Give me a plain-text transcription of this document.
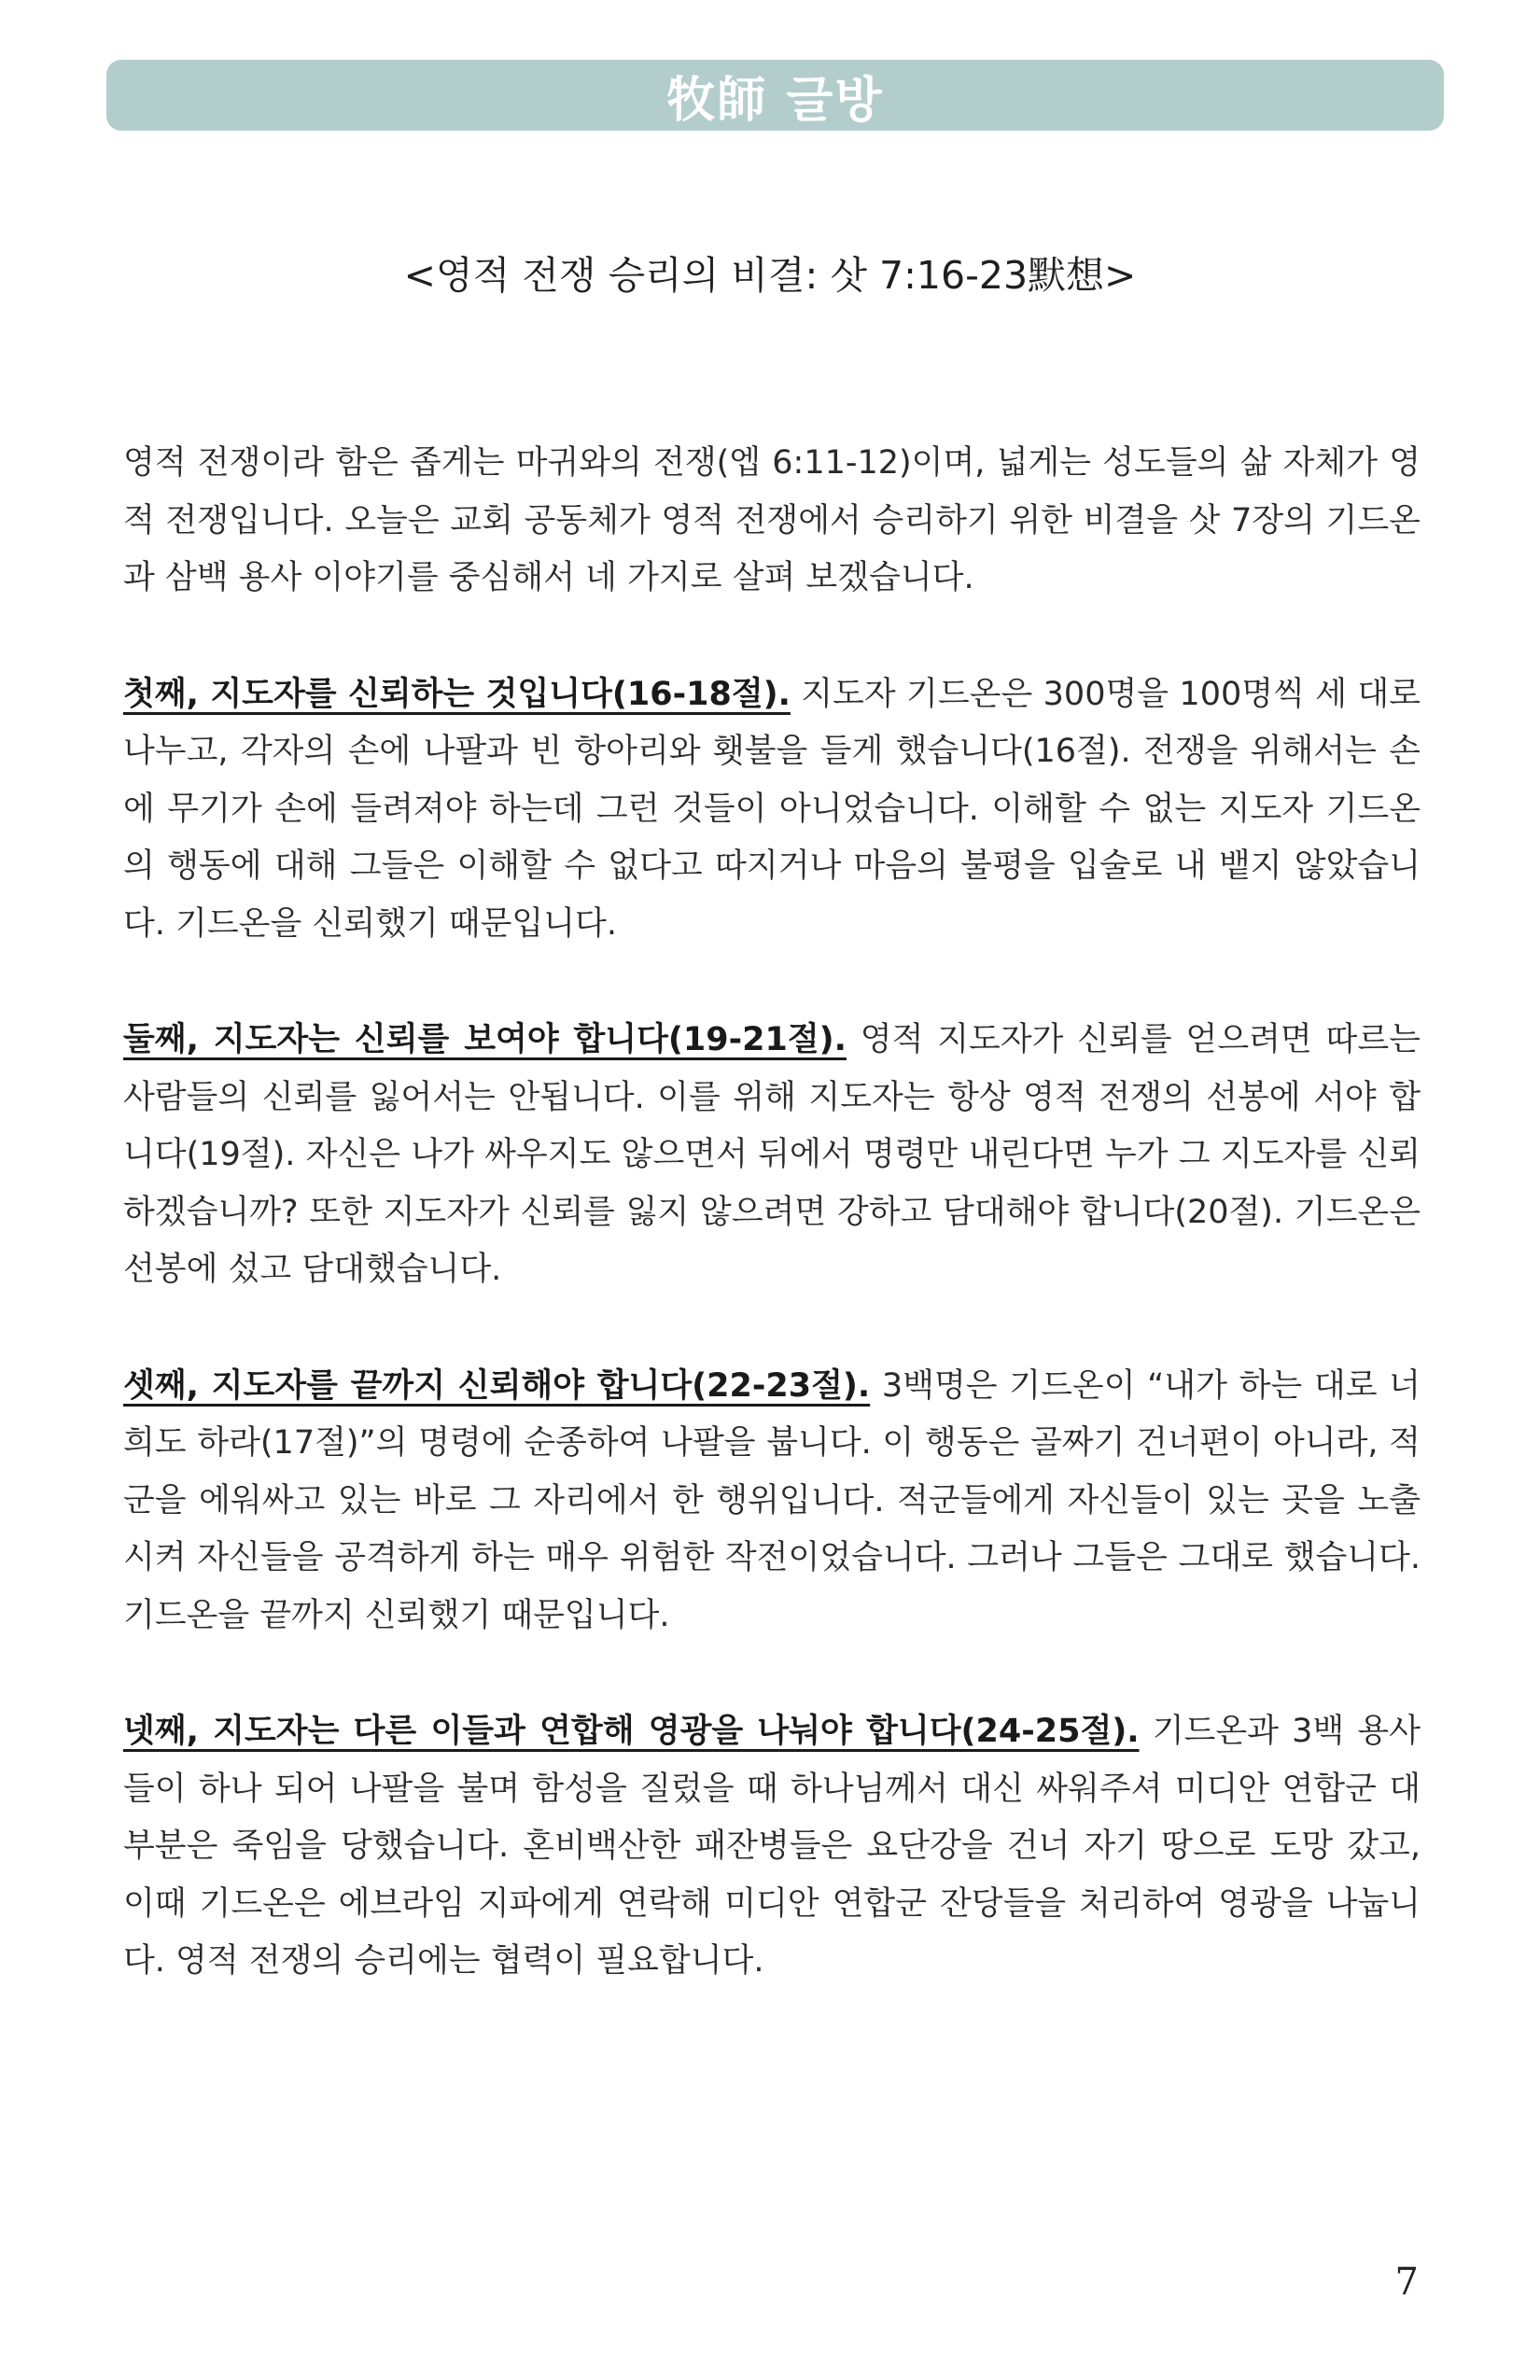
牧師 글방
<영적 전쟁 승리의 비결: 삿 7:16-23默想>

영적 전쟁이라 함은 좁게는 마귀와의 전쟁(엡 6:11-12)이며, 넓게는 성도들의 삶 자체가 영적 전쟁입니다. 오늘은 교회 공동체가 영적 전쟁에서 승리하기 위한 비결을 삿 7장의 기드온과 삼백 용사 이야기를 중심해서 네 가지로 살펴 보겠습니다.

첫째, 지도자를 신뢰하는 것입니다(16-18절). 지도자 기드온은 300명을 100명씩 세 대로 나누고, 각자의 손에 나팔과 빈 항아리와 횃불을 들게 했습니다(16절). 전쟁을 위해서는 손에 무기가 손에 들려져야 하는데 그런 것들이 아니었습니다. 이해할 수 없는 지도자 기드온의 행동에 대해 그들은 이해할 수 없다고 따지거나 마음의 불평을 입술로 내 뱉지 않았습니다. 기드온을 신뢰했기 때문입니다.

둘째, 지도자는 신뢰를 보여야 합니다(19-21절). 영적 지도자가 신뢰를 얻으려면 따르는 사람들의 신뢰를 잃어서는 안됩니다. 이를 위해 지도자는 항상 영적 전쟁의 선봉에 서야 합니다(19절). 자신은 나가 싸우지도 않으면서 뒤에서 명령만 내린다면 누가 그 지도자를 신뢰하겠습니까? 또한 지도자가 신뢰를 잃지 않으려면 강하고 담대해야 합니다(20절). 기드온은 선봉에 섰고 담대했습니다.

셋째, 지도자를 끝까지 신뢰해야 합니다(22-23절). 3백명은 기드온이 “내가 하는 대로 너희도 하라(17절)”의 명령에 순종하여 나팔을 붑니다. 이 행동은 골짜기 건너편이 아니라, 적군을 에워싸고 있는 바로 그 자리에서 한 행위입니다. 적군들에게 자신들이 있는 곳을 노출시켜 자신들을 공격하게 하는 매우 위험한 작전이었습니다. 그러나 그들은 그대로 했습니다. 기드온을 끝까지 신뢰했기 때문입니다.

넷째, 지도자는 다른 이들과 연합해 영광을 나눠야 합니다(24-25절). 기드온과 3백 용사들이 하나 되어 나팔을 불며 함성을 질렀을 때 하나님께서 대신 싸워주셔 미디안 연합군 대부분은 죽임을 당했습니다. 혼비백산한 패잔병들은 요단강을 건너 자기 땅으로 도망 갔고, 이때 기드온은 에브라임 지파에게 연락해 미디안 연합군 잔당들을 처리하여 영광을 나눕니다. 영적 전쟁의 승리에는 협력이 필요합니다.

7
